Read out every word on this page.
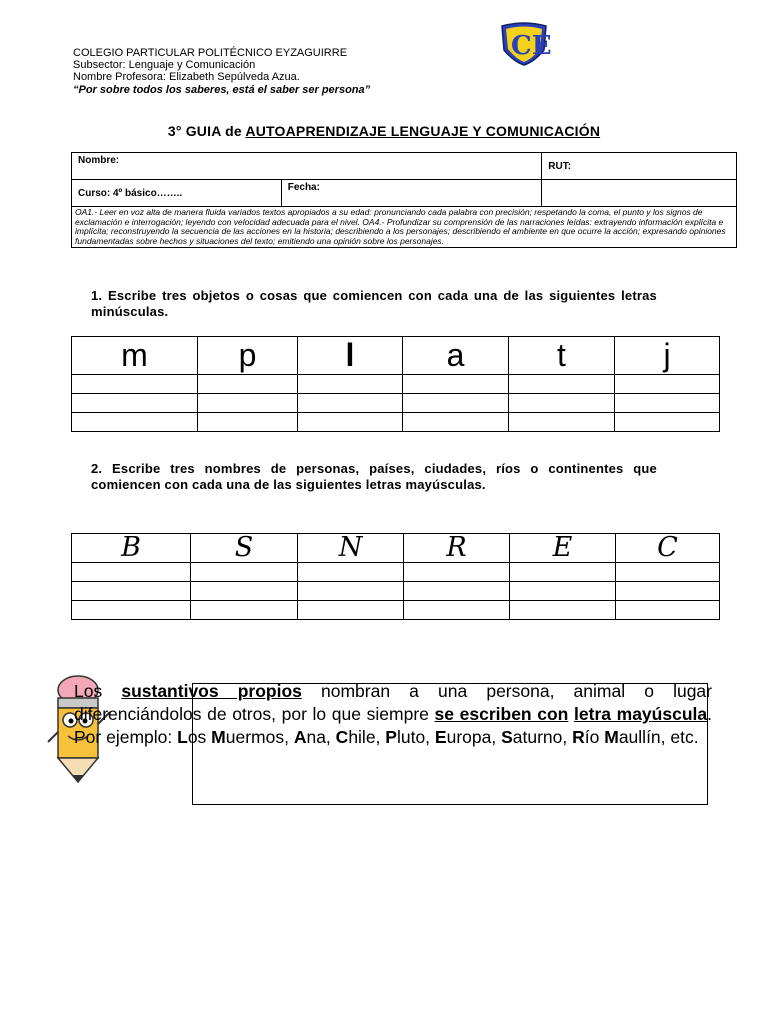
COLEGIO PARTICULAR POLITÉCNICO EYZAGUIRRE
Subsector: Lenguaje y Comunicación
Nombre Profesora: Elizabeth Sepúlveda Azua.
“Por sobre todos los saberes, está el saber ser persona”
CE
3° GUIA de AUTOAPRENDIZAJE LENGUAJE Y COMUNICACIÓN
Nombre:		RUT:
Curso: 4º básico……..	Fecha:	
OA1.- Leer en voz alta de manera fluida variados textos apropiados a su edad: pronunciando cada palabra con precisión; respetando la coma, el punto y los signos de exclamación e interrogación; leyendo con velocidad adecuada para el nivel. OA4.- Profundizar su comprensión de las narraciones leídas: extrayendo información explícita e implícita; reconstruyendo la secuencia de las acciones en la historia; describiendo a los personajes; describiendo el ambiente en que ocurre la acción; expresando opiniones fundamentadas sobre hechos y situaciones del texto; emitiendo una opinión sobre los personajes.		
1. Escribe tres objetos o cosas que comiencen con cada una de las siguientes letras minúsculas.
m	p	l	a	t	j

2. Escribe tres nombres de personas, países, ciudades, ríos o continentes que comiencen con cada una de las siguientes letras mayúsculas.
B	S	N	R	E	C

Los sustantivos propios nombran a una persona, animal o lugar diferenciándolos de otros, por lo que siempre se escriben con letra mayúscula. Por ejemplo: Los Muermos, Ana, Chile, Pluto, Europa, Saturno, Río Maullín, etc.
